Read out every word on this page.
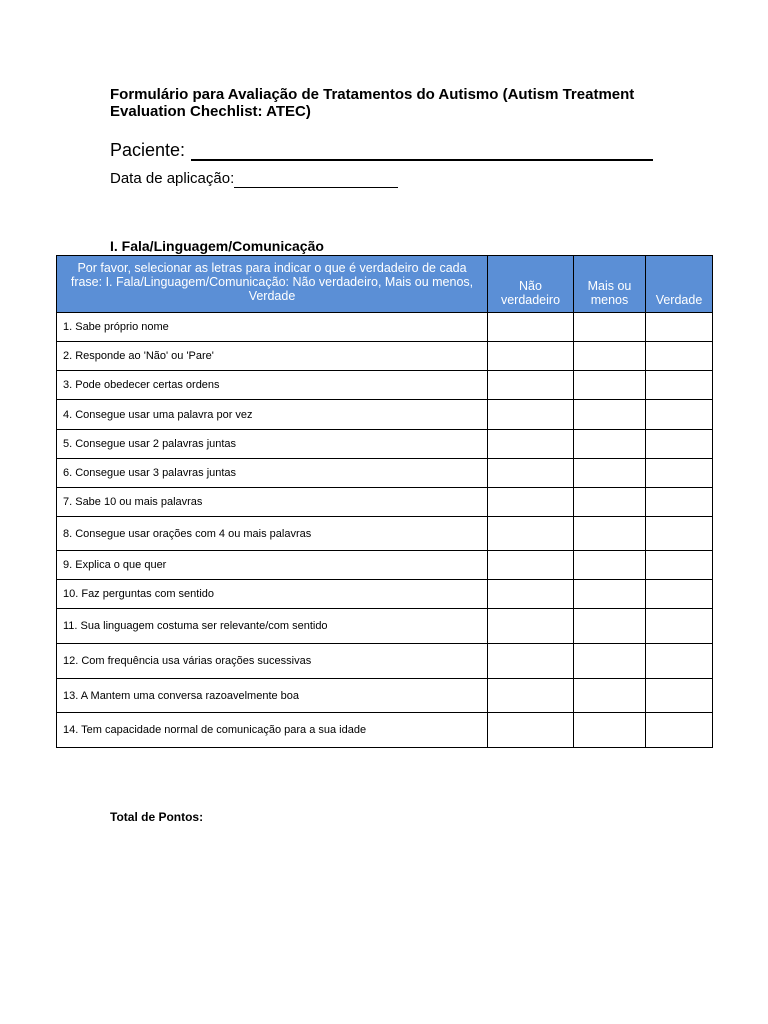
Formulário para Avaliação de Tratamentos do Autismo (Autism Treatment Evaluation Chechlist: ATEC)
Paciente:
Data de aplicação:
I. Fala/Linguagem/Comunicação
Por favor, selecionar as letras para indicar o que é verdadeiro de cada frase: I. Fala/Linguagem/Comunicação: Não verdadeiro, Mais ou menos, Verdade	Não verdadeiro	Mais ou menos	Verdade
1. Sabe próprio nome			
2. Responde ao 'Não' ou 'Pare'			
3. Pode obedecer certas ordens			
4. Consegue usar uma palavra por vez			
5. Consegue usar 2 palavras juntas			
6. Consegue usar 3 palavras juntas			
7. Sabe 10 ou mais palavras			
8. Consegue usar orações com 4 ou mais palavras			
9. Explica o que quer			
10. Faz perguntas com sentido			
11. Sua linguagem costuma ser relevante/com sentido			
12. Com frequência usa várias orações sucessivas			
13. A Mantem uma conversa razoavelmente boa			
14. Tem capacidade normal de comunicação para a sua idade			
Total de Pontos:
